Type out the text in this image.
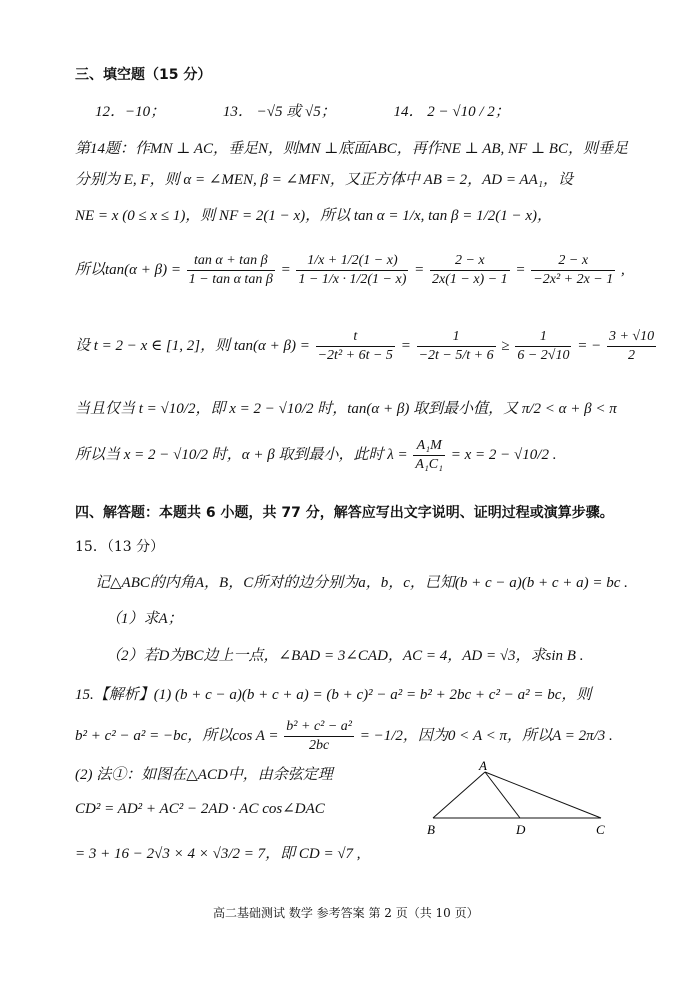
三、填空题（15 分）
12．−10；	13． −√5 或 √5；	14． 2 − √10 / 2；
第14题：作MN ⊥ AC，垂足N，则MN ⊥底面ABC，再作NE ⊥ AB, NF ⊥ BC，则垂足
分别为 E, F，则 α = ∠MEN, β = ∠MFN，又正方体中 AB = 2，AD = AA₁，设
NE = x (0 ≤ x ≤ 1)，则 NF = 2(1 − x)，所以 tan α = 1/x, tan β = 1/2(1 − x)，
所以$\tan(\alpha + \beta) = \frac{\text{tan α + tan β}}{\text{1 − tan α tan β}} = \frac{1/x + 1/2(1 - x)}{1 - 1/x \cdot 1/2(1 - x)} = \frac{2 - x}{2x(1 - x) - 1} = \frac{2 - x}{\text{−2x² + 2x − 1}}$ ,
设 t = 2 − x ∈ [1, 2]，则 $\tan(\alpha + \beta) = \frac{t}{\text{−2t² + 6t − 5}} = \frac{1}{-2t - 5/t + 6} \ge \frac{1}{6 - 2√10}$ = − $\frac{3 + √10}{2}$
当且仅当 t = √10/2，即 x = 2 − √10/2 时，tan(α + β) 取到最小值，又 π/2 < α + β < π
所以当 x = 2 − √10/2 时，α + β 取到最小，此时 $\lambda = \frac{\text{A₁M}}{\text{A₁C₁}} = x = 2 - √10/2$ .
四、解答题：本题共 6 小题，共 77 分，解答应写出文字说明、证明过程或演算步骤。
15．（13 分）
记△ABC的内角A，B，C所对的边分别为a，b，c，已知(b + c − a)(b + c + a) = bc .
（1）求A；
（2）若D为BC边上一点，∠BAD = 3∠CAD，AC = 4，AD = √3，求sin B .
15.【解析】(1) (b + c − a)(b + c + a) = (b + c)² − a² = b² + 2bc + c² − a² = bc，则
b² + c² − a² = −bc，所以$\cos A = \frac{\text{b² + c² − a²}}{2bc} = -1/2$，因为0 < A < π，所以A = 2π/3 .
(2) 法①：如图在△ACD中，由余弦定理
CD² = AD² + AC² − 2AD · AC cos∠DAC
= 3 + 16 − 2√3 × 4 × √3/2 = 7，即 CD = √7 ,
A
B	D	C
高二基础测试 数学 参考答案 第 2 页（共 10 页）
